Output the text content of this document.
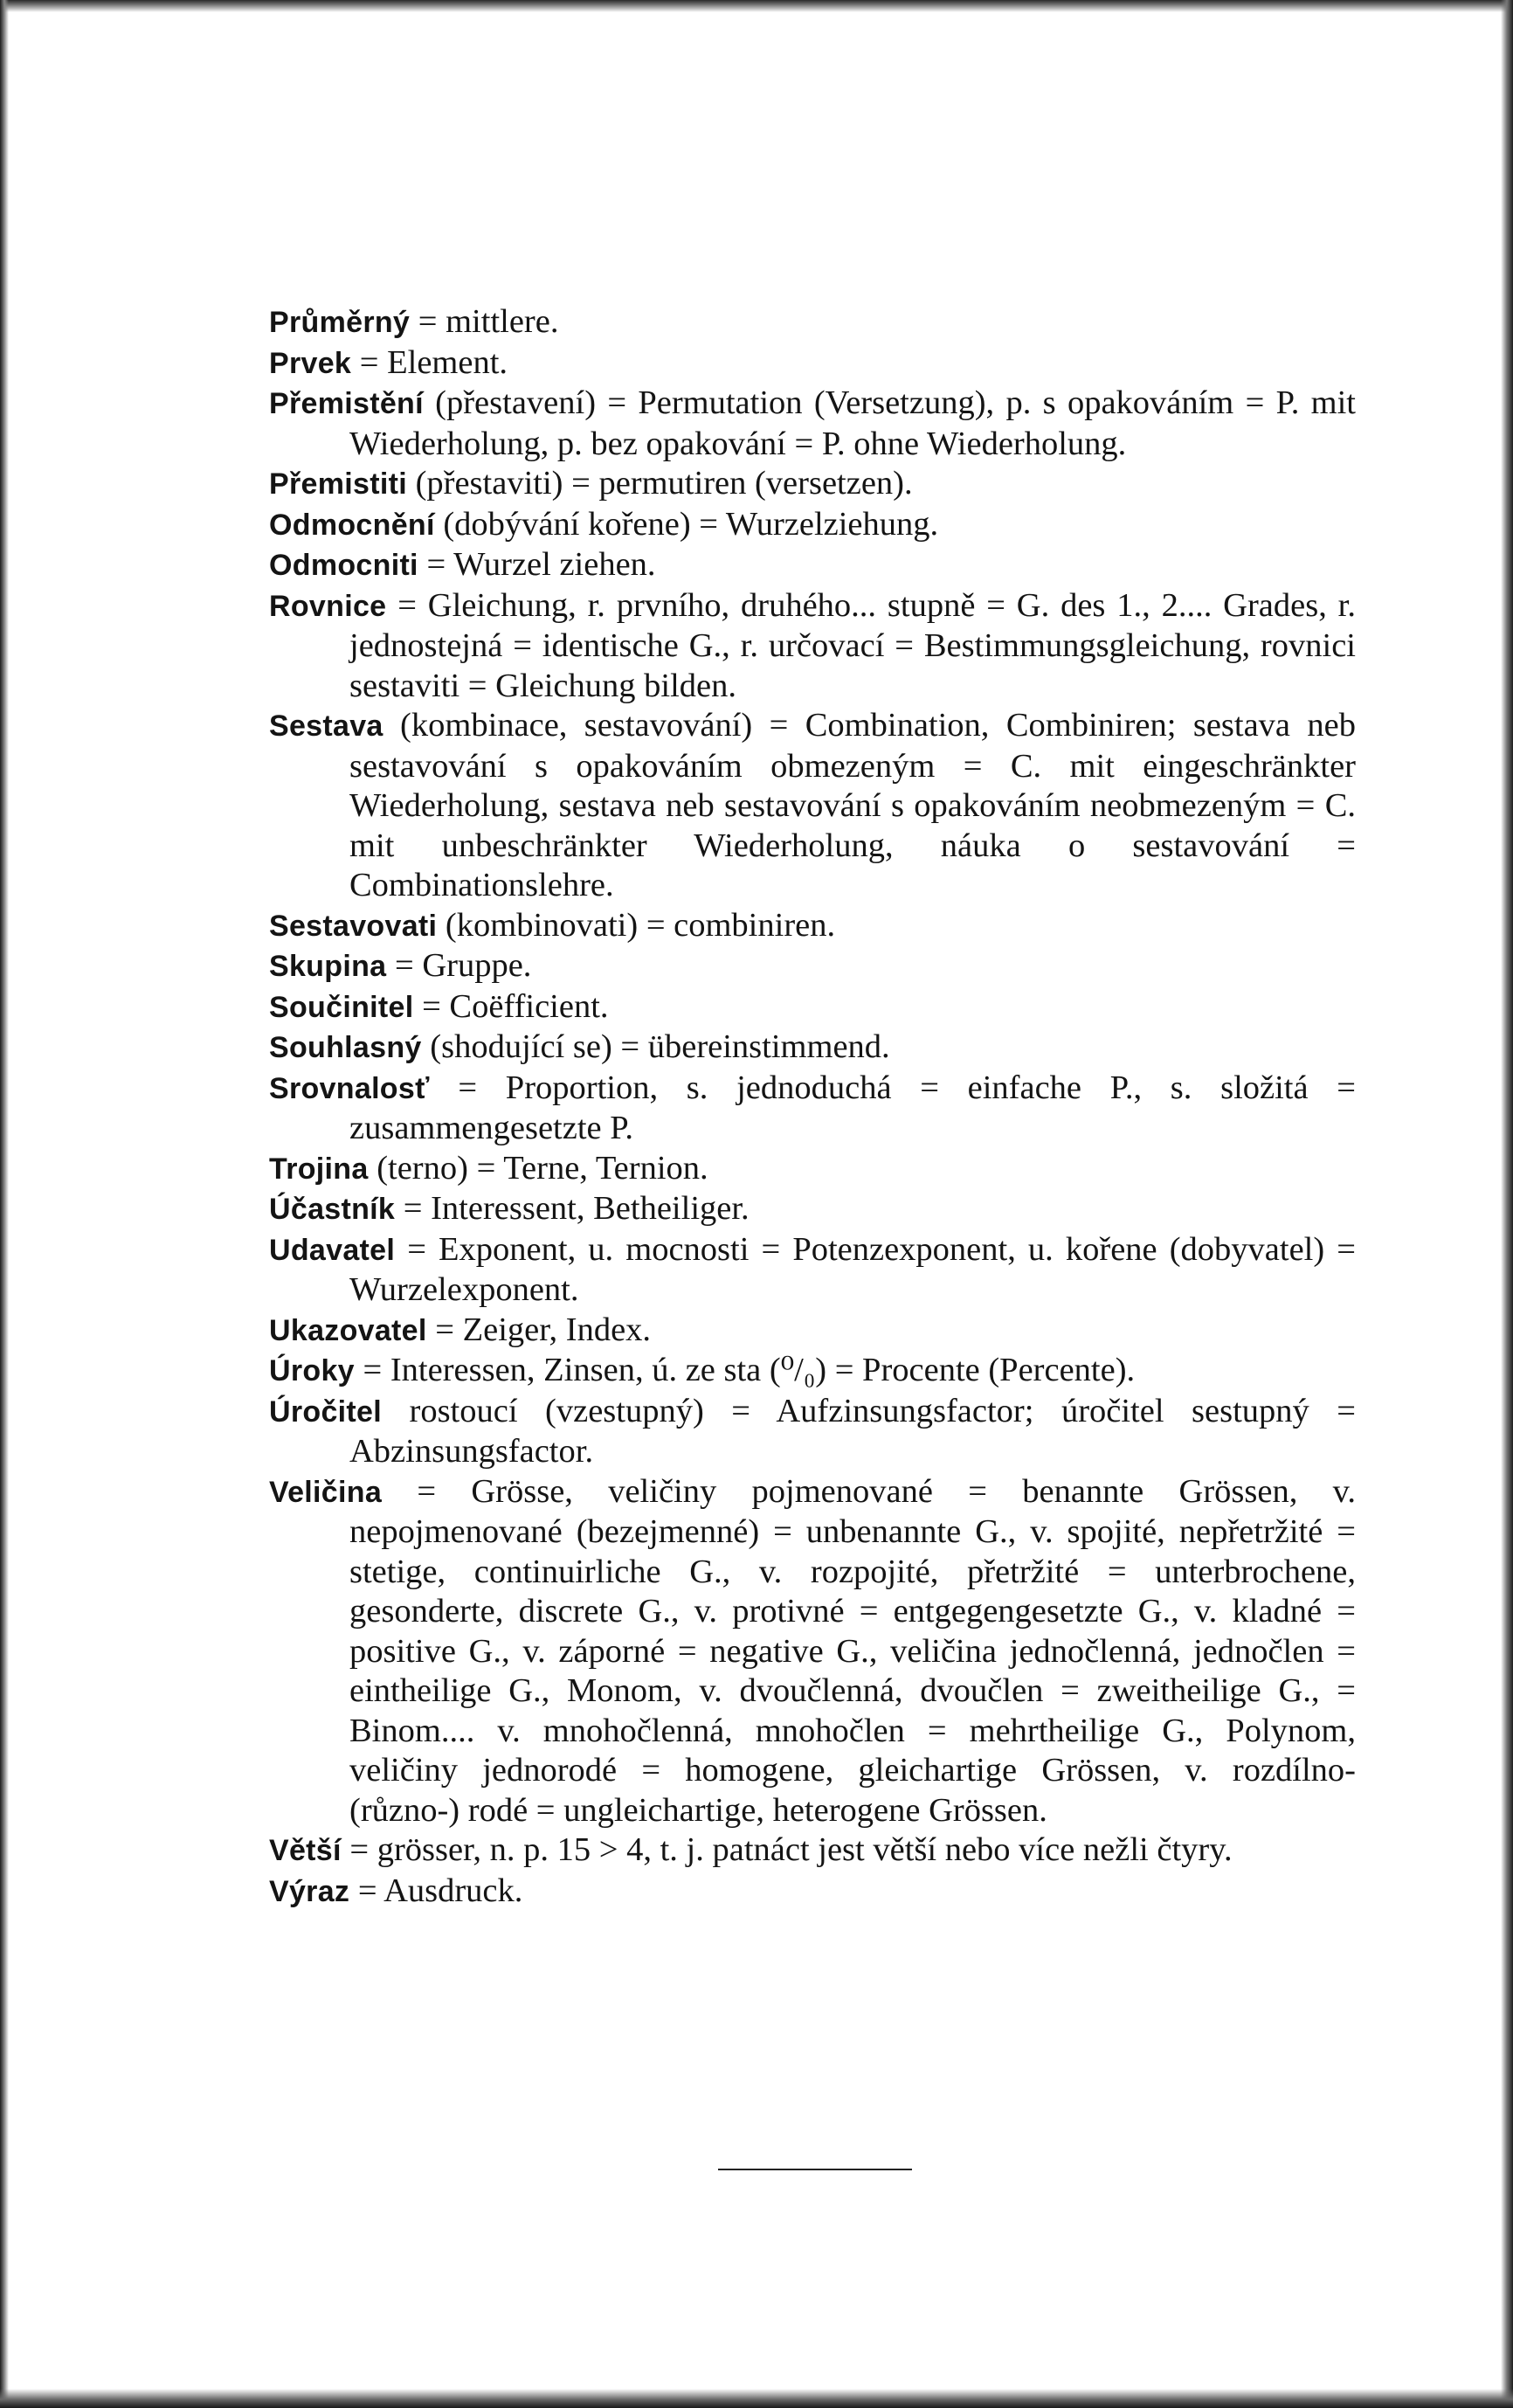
Průměrný = mittlere.

Prvek = Element.

Přemistění (přestavení) = Permutation (Versetzung), p. s opakováním = P. mit Wiederholung, p. bez opakování = P. ohne Wiederholung.

Přemistiti (přestaviti) = permutiren (versetzen).

Odmocnění (dobývání kořene) = Wurzelziehung.

Odmocniti = Wurzel ziehen.

Rovnice = Gleichung, r. prvního, druhého... stupně = G. des 1., 2.... Grades, r. jednostejná = identische G., r. určovací = Bestimmungsgleichung, rovnici sestaviti = Gleichung bilden.

Sestava (kombinace, sestavování) = Combination, Combiniren; sestava neb sestavování s opakováním obmezeným = C. mit eingeschränkter Wiederholung, sestava neb sestavování s opakováním neobmezeným = C. mit unbeschränkter Wiederholung, náuka o sestavování = Combinationslehre.

Sestavovati (kombinovati) = combiniren.

Skupina = Gruppe.

Součinitel = Coëfficient.

Souhlasný (shodující se) = übereinstimmend.

Srovnalosť = Proportion, s. jednoduchá = einfache P., s. složitá = zusammengesetzte P.

Trojina (terno) = Terne, Ternion.

Účastník = Interessent, Betheiliger.

Udavatel = Exponent, u. mocnosti = Potenzexponent, u. kořene (dobyvatel) = Wurzelexponent.

Ukazovatel = Zeiger, Index.

Úroky = Interessen, Zinsen, ú. ze sta (⁰/₀) = Procente (Percente).

Úročitel rostoucí (vzestupný) = Aufzinsungsfactor; úročitel sestupný = Abzinsungsfactor.

Veličina = Grösse, veličiny pojmenované = benannte Grössen, v. nepojmenované (bezejmenné) = unbenannte G., v. spojité, nepřetržité = stetige, continuirliche G., v. rozpojité, přetržité = unterbrochene, gesonderte, discrete G., v. protivné = entgegengesetzte G., v. kladné = positive G., v. záporné = negative G., veličina jednočlenná, jednočlen = eintheilige G., Monom, v. dvoučlenná, dvoučlen = zweitheilige G., = Binom.... v. mnohočlenná, mnohočlen = mehrtheilige G., Polynom, veličiny jednorodé = homogene, gleichartige Grössen, v. rozdílno- (různo-) rodé = ungleichartige, heterogene Grössen.

Větší = grösser, n. p. 15 > 4, t. j. patnáct jest větší nebo více nežli čtyry.

Výraz = Ausdruck.
